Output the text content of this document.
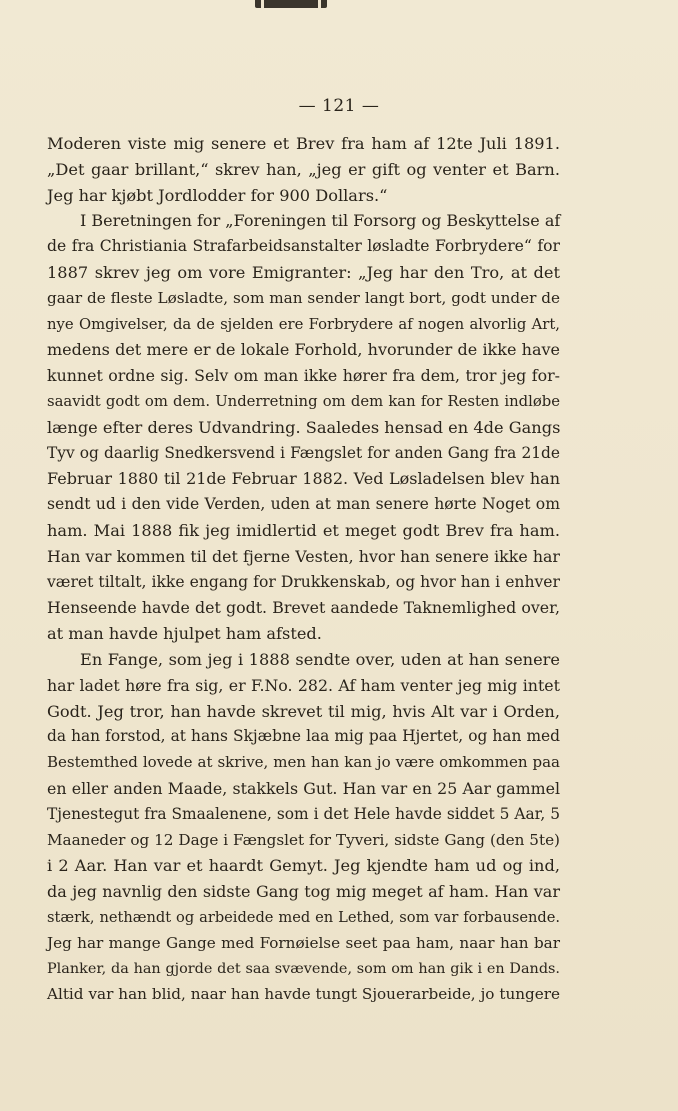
— 121 —
Moderen viste mig senere et Brev fra ham af 12te Juli 1891.
„Det gaar brillant,“ skrev han, „jeg er gift og venter et Barn.
Jeg har kjøbt Jordlodder for 900 Dollars.“
I Beretningen for „Foreningen til Forsorg og Beskyttelse af
de fra Christiania Strafarbeidsanstalter løsladte Forbrydere“ for
1887 skrev jeg om vore Emigranter: „Jeg har den Tro, at det
gaar de fleste Løsladte, som man sender langt bort, godt under de
nye Omgivelser, da de sjelden ere Forbrydere af nogen alvorlig Art,
medens det mere er de lokale Forhold, hvorunder de ikke have
kunnet ordne sig. Selv om man ikke hører fra dem, tror jeg for-
saavidt godt om dem. Underretning om dem kan for Resten indløbe
længe efter deres Udvandring. Saaledes hensad en 4de Gangs
Tyv og daarlig Snedkersvend i Fængslet for anden Gang fra 21de
Februar 1880 til 21de Februar 1882. Ved Løsladelsen blev han
sendt ud i den vide Verden, uden at man senere hørte Noget om
ham. Mai 1888 fik jeg imidlertid et meget godt Brev fra ham.
Han var kommen til det fjerne Vesten, hvor han senere ikke har
været tiltalt, ikke engang for Drukkenskab, og hvor han i enhver
Henseende havde det godt. Brevet aandede Taknemlighed over,
at man havde hjulpet ham afsted.
En Fange, som jeg i 1888 sendte over, uden at han senere
har ladet høre fra sig, er F.No. 282. Af ham venter jeg mig intet
Godt. Jeg tror, han havde skrevet til mig, hvis Alt var i Orden,
da han forstod, at hans Skjæbne laa mig paa Hjertet, og han med
Bestemthed lovede at skrive, men han kan jo være omkommen paa
en eller anden Maade, stakkels Gut. Han var en 25 Aar gammel
Tjenestegut fra Smaalenene, som i det Hele havde siddet 5 Aar, 5
Maaneder og 12 Dage i Fængslet for Tyveri, sidste Gang (den 5te)
i 2 Aar. Han var et haardt Gemyt. Jeg kjendte ham ud og ind,
da jeg navnlig den sidste Gang tog mig meget af ham. Han var
stærk, nethændt og arbeidede med en Lethed, som var forbausende.
Jeg har mange Gange med Fornøielse seet paa ham, naar han bar
Planker, da han gjorde det saa svævende, som om han gik i en Dands.
Altid var han blid, naar han havde tungt Sjouerarbeide, jo tungere
